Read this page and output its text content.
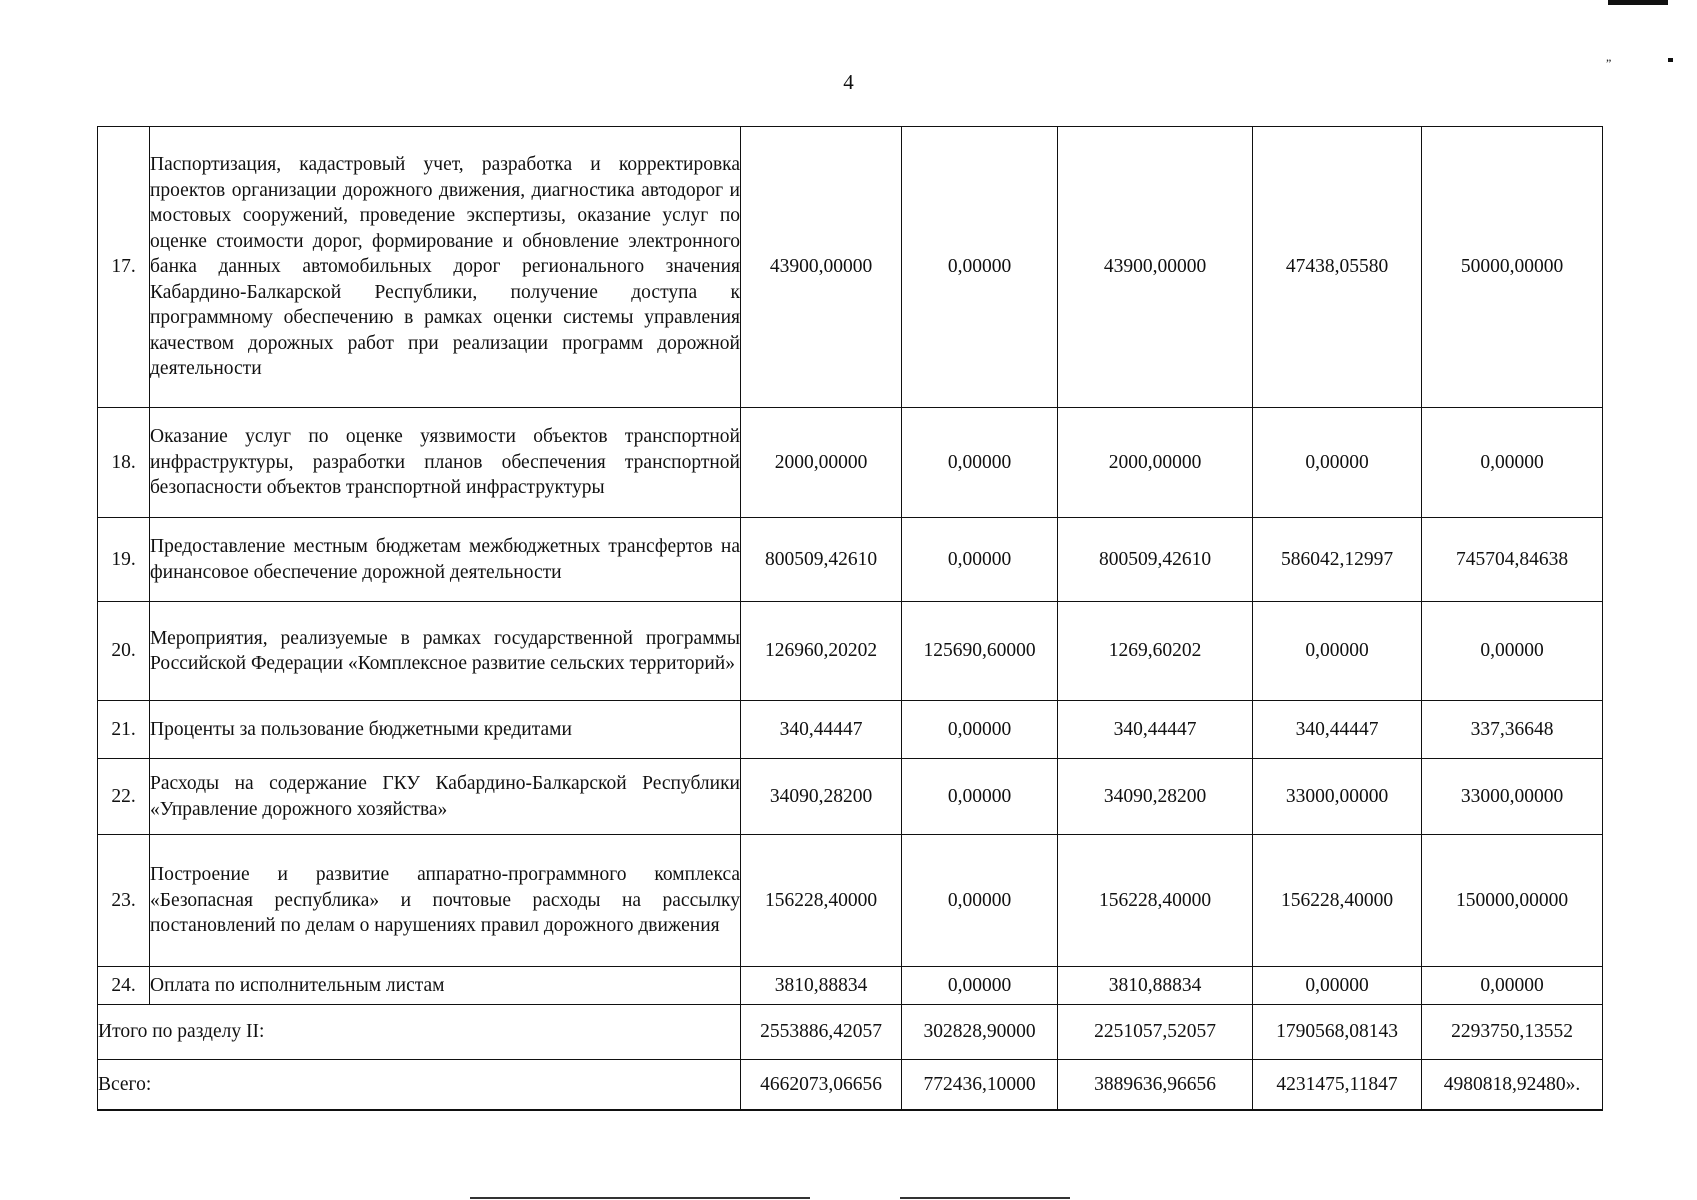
”
4
17.	Паспортизация, кадастровый учет, разработка и корректировка проектов организации дорожного движения, диагностика автодорог и мостовых сооружений, проведение экспертизы, оказание услуг по оценке стоимости дорог, формирование и обновление электронного банка данных автомобильных дорог регионального значения Кабардино-Балкарской Республики, получение доступа к программному обеспечению в рамках оценки системы управления качеством дорожных работ при реализации программ дорожной деятельности	43900,00000	0,00000	43900,00000	47438,05580	50000,00000
18.	Оказание услуг по оценке уязвимости объектов транспортной инфраструктуры, разработки планов обеспечения транспортной безопасности объектов транспортной инфраструктуры	2000,00000	0,00000	2000,00000	0,00000	0,00000
19.	Предоставление местным бюджетам межбюджетных трансфертов на финансовое обеспечение дорожной деятельности	800509,42610	0,00000	800509,42610	586042,12997	745704,84638
20.	Мероприятия, реализуемые в рамках государственной программы Российской Федерации «Комплексное развитие сельских территорий»	126960,20202	125690,60000	1269,60202	0,00000	0,00000
21.	Проценты за пользование бюджетными кредитами	340,44447	0,00000	340,44447	340,44447	337,36648
22.	Расходы на содержание ГКУ Кабардино-Балкарской Республики «Управление дорожного хозяйства»	34090,28200	0,00000	34090,28200	33000,00000	33000,00000
23.	Построение и развитие аппаратно-программного комплекса «Безопасная республика» и почтовые расходы на рассылку постановлений по делам о нарушениях правил дорожного движения	156228,40000	0,00000	156228,40000	156228,40000	150000,00000
24.	Оплата по исполнительным листам	3810,88834	0,00000	3810,88834	0,00000	0,00000
Итого по разделу II:		2553886,42057	302828,90000	2251057,52057	1790568,08143	2293750,13552
Всего:		4662073,06656	772436,10000	3889636,96656	4231475,11847	4980818,92480».
